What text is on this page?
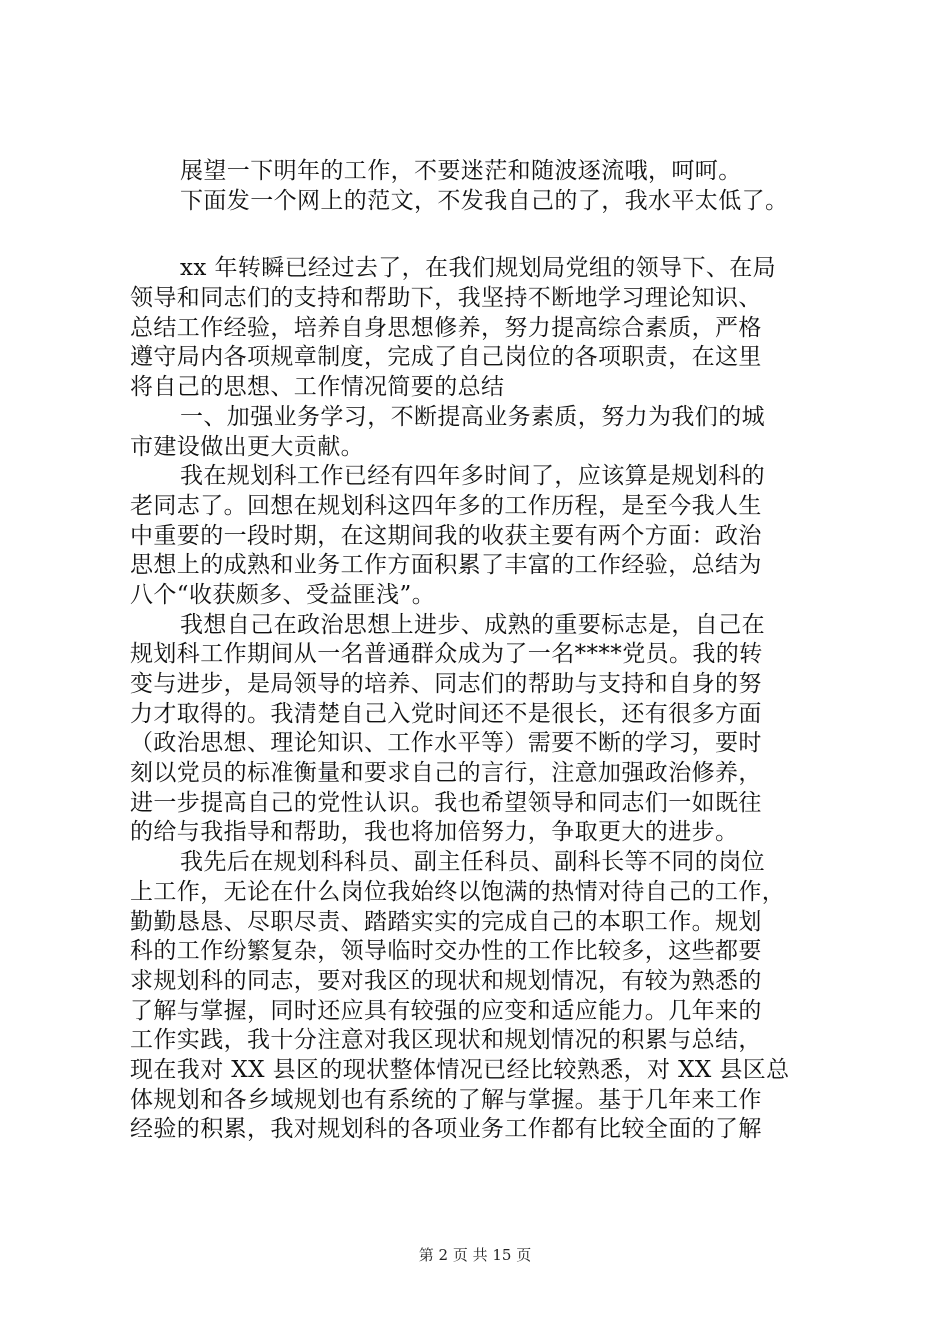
展望一下明年的工作，不要迷茫和随波逐流哦，呵呵。
下面发一个网上的范文，不发我自己的了，我水平太低了。
xx 年转瞬已经过去了，在我们规划局党组的领导下、在局
领导和同志们的支持和帮助下，我坚持不断地学习理论知识、
总结工作经验，培养自身思想修养，努力提高综合素质，严格
遵守局内各项规章制度，完成了自己岗位的各项职责，在这里
将自己的思想、工作情况简要的总结
一、加强业务学习，不断提高业务素质，努力为我们的城
市建设做出更大贡献。
我在规划科工作已经有四年多时间了，应该算是规划科的
老同志了。回想在规划科这四年多的工作历程，是至今我人生
中重要的一段时期，在这期间我的收获主要有两个方面：政治
思想上的成熟和业务工作方面积累了丰富的工作经验，总结为
八个“收获颇多、受益匪浅”。
我想自己在政治思想上进步、成熟的重要标志是，自己在
规划科工作期间从一名普通群众成为了一名****党员。我的转
变与进步，是局领导的培养、同志们的帮助与支持和自身的努
力才取得的。我清楚自己入党时间还不是很长，还有很多方面
（政治思想、理论知识、工作水平等）需要不断的学习，要时
刻以党员的标准衡量和要求自己的言行，注意加强政治修养，
进一步提高自己的党性认识。我也希望领导和同志们一如既往
的给与我指导和帮助，我也将加倍努力，争取更大的进步。
我先后在规划科科员、副主任科员、副科长等不同的岗位
上工作，无论在什么岗位我始终以饱满的热情对待自己的工作，
勤勤恳恳、尽职尽责、踏踏实实的完成自己的本职工作。规划
科的工作纷繁复杂，领导临时交办性的工作比较多，这些都要
求规划科的同志，要对我区的现状和规划情况，有较为熟悉的
了解与掌握，同时还应具有较强的应变和适应能力。几年来的
工作实践，我十分注意对我区现状和规划情况的积累与总结，
现在我对 XX 县区的现状整体情况已经比较熟悉，对 XX 县区总
体规划和各乡域规划也有系统的了解与掌握。基于几年来工作
经验的积累，我对规划科的各项业务工作都有比较全面的了解
第 2 页 共 15 页
